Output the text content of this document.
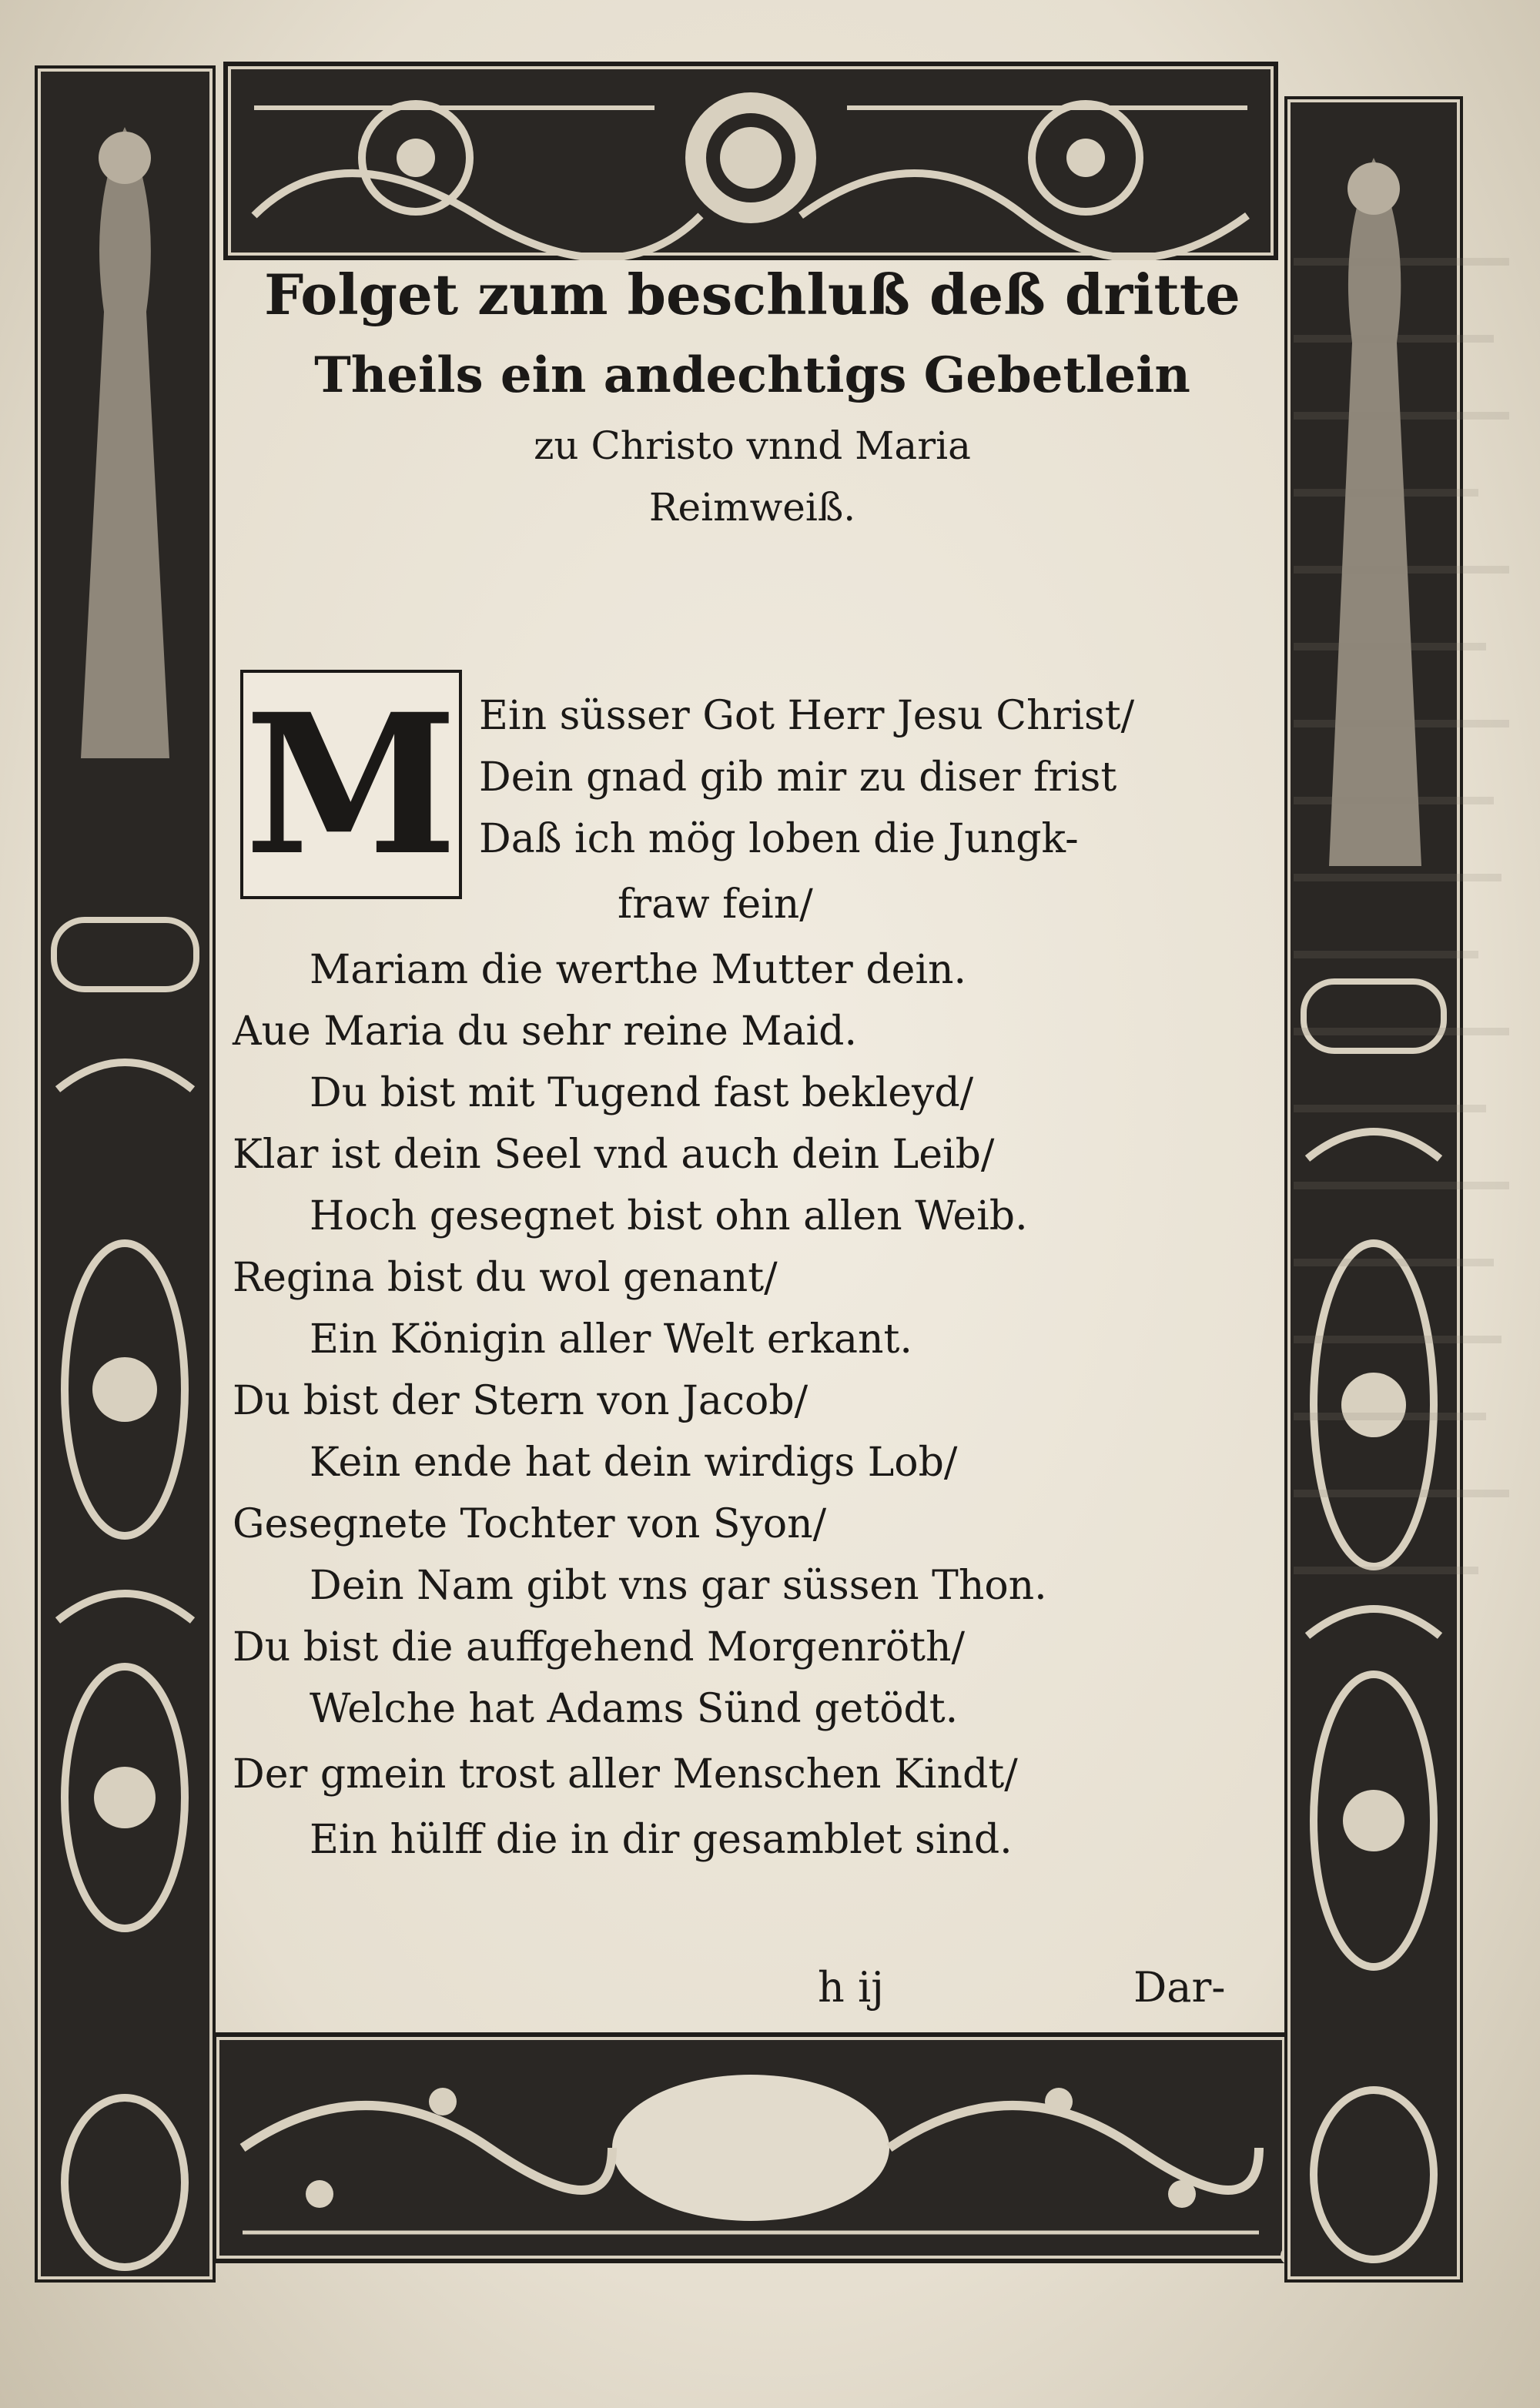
Folget zum beschluß deß dritte
Theils ein andechtigs Gebetlein
zu Christo vnnd Maria
Reimweiß.
M Ein süsser Got Herr Jesu Christ/
Dein gnad gib mir zu diser frist
Daß ich mög loben die Jungk-
fraw fein/
Mariam die werthe Mutter dein.
Aue Maria du sehr reine Maid.
Du bist mit Tugend fast bekleyd/
Klar ist dein Seel vnd auch dein Leib/
Hoch gesegnet bist ohn allen Weib.
Regina bist du wol genant/
Ein Königin aller Welt erkant.
Du bist der Stern von Jacob/
Kein ende hat dein wirdigs Lob/
Gesegnete Tochter von Syon/
Dein Nam gibt vns gar süssen Thon.
Du bist die auffgehend Morgenröth/
Welche hat Adams Sünd getödt.
Der gmein trost aller Menschen Kindt/
Ein hülff die in dir gesamblet sind.
h ij	Dar-
